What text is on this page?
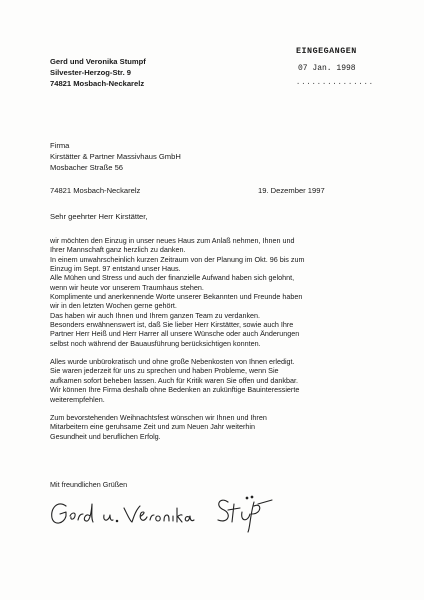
Gerd und Veronika Stumpf
Silvester-Herzog-Str. 9
74821 Mosbach-Neckarelz
EINGEGANGEN
07 Jan. 1998
...............
Firma
Kirstätter & Partner Massivhaus GmbH
Mosbacher Straße 56
74821 Mosbach-Neckarelz	19. Dezember 1997
Sehr geehrter Herr Kirstätter,
wir möchten den Einzug in unser neues Haus zum Anlaß nehmen, Ihnen und
Ihrer Mannschaft ganz herzlich zu danken.
In einem unwahrscheinlich kurzen Zeitraum von der Planung im Okt. 96 bis zum
Einzug im Sept. 97 entstand unser Haus.
Alle Mühen und Stress und auch der finanzielle Aufwand haben sich gelohnt,
wenn wir heute vor unserem Traumhaus stehen.
Komplimente und anerkennende Worte unserer Bekannten und Freunde haben
wir in den letzten Wochen gerne gehört.
Das haben wir auch Ihnen und Ihrem ganzen Team zu verdanken.
Besonders erwähnenswert ist, daß Sie lieber Herr Kirstätter, sowie auch Ihre
Partner Herr Heiß und Herr Harrer all unsere Wünsche oder auch Änderungen
selbst noch während der Bauausführung berücksichtigen konnten.
Alles wurde unbürokratisch und ohne große Nebenkosten von Ihnen erledigt.
Sie waren jederzeit für uns zu sprechen und haben Probleme, wenn Sie
aufkamen sofort beheben lassen. Auch für Kritik waren Sie offen und dankbar.
Wir können Ihre Firma deshalb ohne Bedenken an zukünftige Bauinteressierte
weiterempfehlen.
Zum bevorstehenden Weihnachtsfest wünschen wir Ihnen und Ihren
Mitarbeitern eine geruhsame Zeit und zum Neuen Jahr weiterhin
Gesundheit und beruflichen Erfolg.
Mit freundlichen Grüßen
